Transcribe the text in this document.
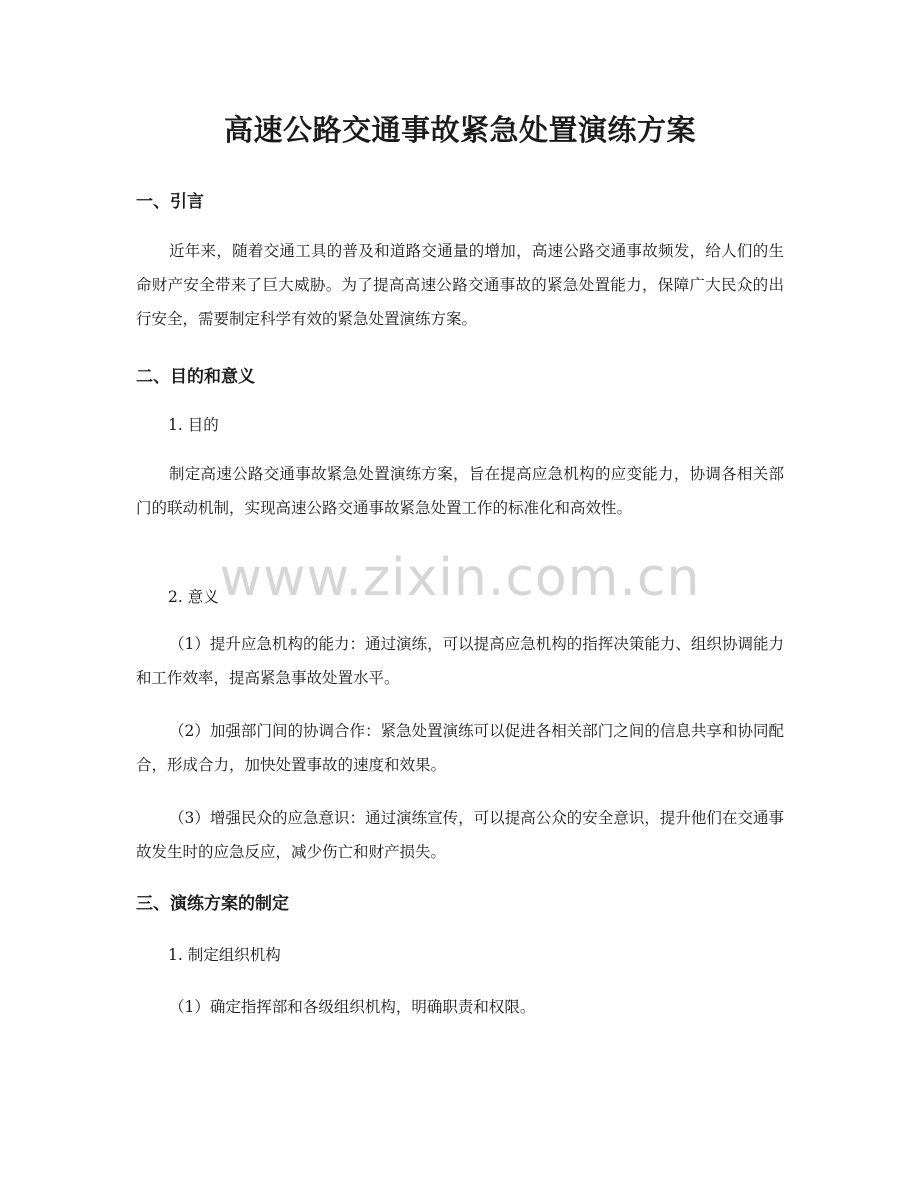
高速公路交通事故紧急处置演练方案
一、引言

近年来，随着交通工具的普及和道路交通量的增加，高速公路交通事故频发，给人们的生命财产安全带来了巨大威胁。为了提高高速公路交通事故的紧急处置能力，保障广大民众的出行安全，需要制定科学有效的紧急处置演练方案。

二、目的和意义

1. 目的

制定高速公路交通事故紧急处置演练方案，旨在提高应急机构的应变能力，协调各相关部门的联动机制，实现高速公路交通事故紧急处置工作的标准化和高效性。

www.zixin.com.cn

2. 意义

（1）提升应急机构的能力：通过演练，可以提高应急机构的指挥决策能力、组织协调能力和工作效率，提高紧急事故处置水平。

（2）加强部门间的协调合作：紧急处置演练可以促进各相关部门之间的信息共享和协同配合，形成合力，加快处置事故的速度和效果。

（3）增强民众的应急意识：通过演练宣传，可以提高公众的安全意识，提升他们在交通事故发生时的应急反应，减少伤亡和财产损失。

三、演练方案的制定

1. 制定组织机构

（1）确定指挥部和各级组织机构，明确职责和权限。
